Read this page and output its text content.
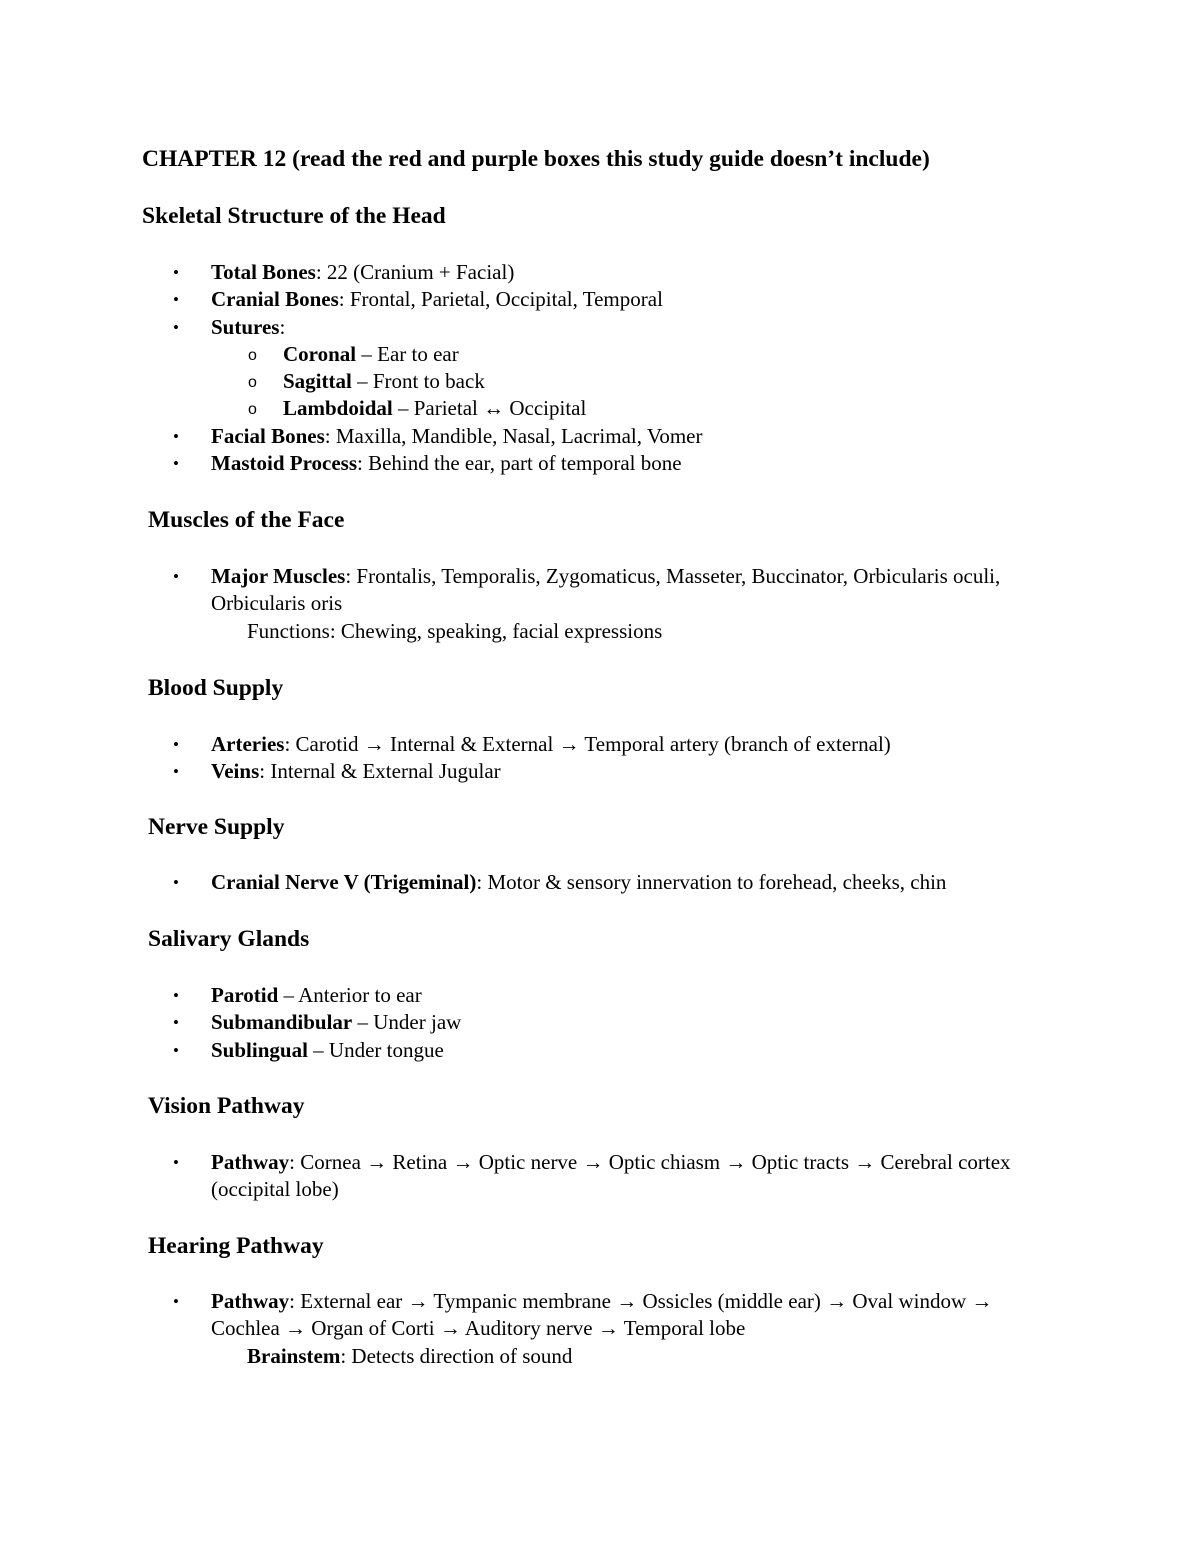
CHAPTER 12 (read the red and purple boxes this study guide doesn’t include)
Skeletal Structure of the Head
• Total Bones: 22 (Cranium + Facial)
• Cranial Bones: Frontal, Parietal, Occipital, Temporal
• Sutures:
o Coronal – Ear to ear
o Sagittal – Front to back
o Lambdoidal – Parietal ↔ Occipital
• Facial Bones: Maxilla, Mandible, Nasal, Lacrimal, Vomer
• Mastoid Process: Behind the ear, part of temporal bone
Muscles of the Face
• Major Muscles: Frontalis, Temporalis, Zygomaticus, Masseter, Buccinator, Orbicularis oculi, Orbicularis oris
Functions: Chewing, speaking, facial expressions
Blood Supply
• Arteries: Carotid → Internal & External → Temporal artery (branch of external)
• Veins: Internal & External Jugular
Nerve Supply
• Cranial Nerve V (Trigeminal): Motor & sensory innervation to forehead, cheeks, chin
Salivary Glands
• Parotid – Anterior to ear
• Submandibular – Under jaw
• Sublingual – Under tongue
Vision Pathway
• Pathway: Cornea → Retina → Optic nerve → Optic chiasm → Optic tracts → Cerebral cortex (occipital lobe)
Hearing Pathway
• Pathway: External ear → Tympanic membrane → Ossicles (middle ear) → Oval window → Cochlea → Organ of Corti → Auditory nerve → Temporal lobe
Brainstem: Detects direction of sound
